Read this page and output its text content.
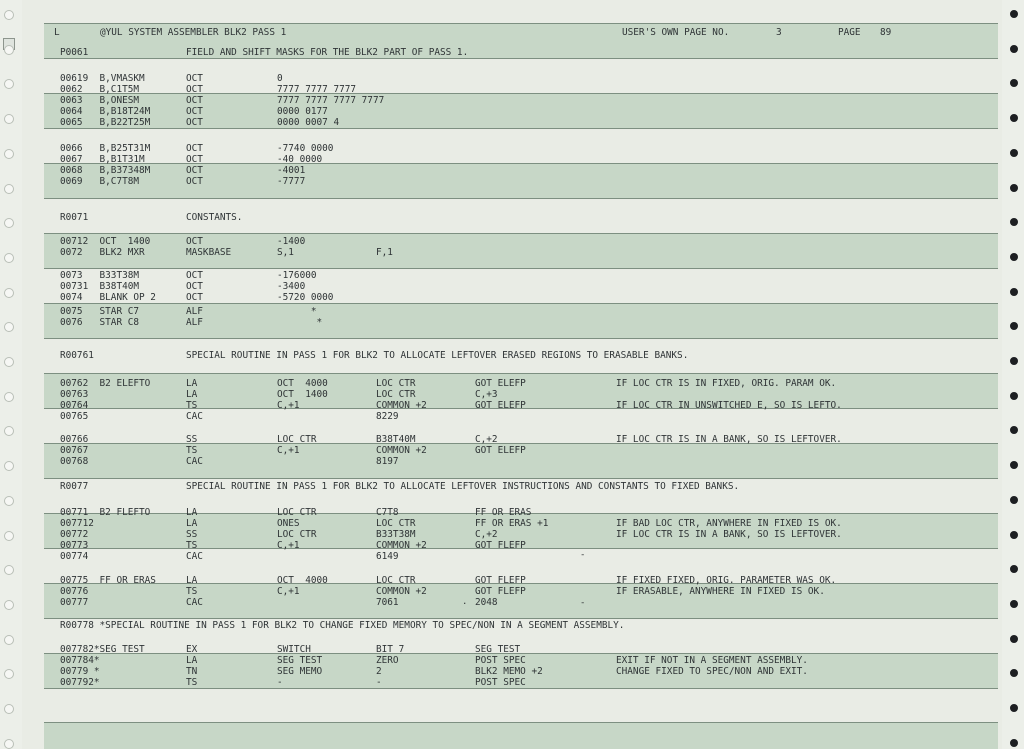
L	@YUL SYSTEM ASSEMBLER BLK2 PASS 1	USER'S OWN PAGE NO.	3	PAGE 89
P0061	FIELD AND SHIFT MASKS FOR THE BLK2 PART OF PASS 1.
00619  B,VMASKM	OCT	0
0062   B,C1T5M	OCT	7777 7777 7777
0063   B,ONESM	OCT	7777 7777 7777 7777
0064   B,B18T24M	OCT	0000 0177
0065   B,B22T25M	OCT	0000 0007 4
0066   B,B25T31M	OCT	-7740 0000
0067   B,B1T31M	OCT	-40 0000
0068   B,B37348M	OCT	-4001
0069   B,C7T8M	OCT	-7777
R0071	CONSTANTS.
00712  OCT  1400	OCT	-1400
0072   BLK2 MXR	MASKBASE	S,1	F,1
0073   B33T38M	OCT	-176000
00731  B38T40M	OCT	-3400
0074   BLANK OP 2	OCT	-5720 0000
0075   STAR C7	ALF	*
0076   STAR C8	ALF	*
R00761	SPECIAL ROUTINE IN PASS 1 FOR BLK2 TO ALLOCATE LEFTOVER ERASED REGIONS TO ERASABLE BANKS.
00762  B2 ELEFTO	LA	OCT  4000	LOC CTR	GOT ELEFP	IF LOC CTR IS IN FIXED, ORIG. PARAM OK.
00763	LA	OCT  1400	LOC CTR	C,+3
00764	TS	C,+1	COMMON +2	GOT ELEFP	IF LOC CTR IN UNSWITCHED E, SO IS LEFTO.
00765	CAC	8229
00766	SS	LOC CTR	B38T40M	C,+2	IF LOC CTR IS IN A BANK, SO IS LEFTOVER.
00767	TS	C,+1	COMMON +2	GOT ELEFP
00768	CAC	8197
R0077	SPECIAL ROUTINE IN PASS 1 FOR BLK2 TO ALLOCATE LEFTOVER INSTRUCTIONS AND CONSTANTS TO FIXED BANKS.
00771  B2 FLEFTO	LA	LOC CTR	C7T8	FF OR ERAS
007712	LA	ONES	LOC CTR	FF OR ERAS +1	IF BAD LOC CTR, ANYWHERE IN FIXED IS OK.
00772	SS	LOC CTR	B33T38M	C,+2	IF LOC CTR IS IN A BANK, SO IS LEFTOVER.
00773	TS	C,+1	COMMON +2	GOT FLEFP
00774	CAC	6149
00775  FF OR ERAS	LA	OCT  4000	LOC CTR	GOT FLEFP	IF FIXED FIXED, ORIG. PARAMETER WAS OK.
00776	TS	C,+1	COMMON +2	GOT FLEFP	IF ERASABLE, ANYWHERE IN FIXED IS OK.
00777	CAC	7061	2048
R00778 *SPECIAL ROUTINE IN PASS 1 FOR BLK2 TO CHANGE FIXED MEMORY TO SPEC/NON IN A SEGMENT ASSEMBLY.
007782*SEG TEST	EX	SWITCH	BIT 7	SEG TEST
007784*	LA	SEG TEST	ZERO	POST SPEC	EXIT IF NOT IN A SEGMENT ASSEMBLY.
00779 *	TN	SEG MEMO	2	BLK2 MEMO +2	CHANGE FIXED TO SPEC/NON AND EXIT.
007792*	TS	-	-	POST SPEC
-
-
.
